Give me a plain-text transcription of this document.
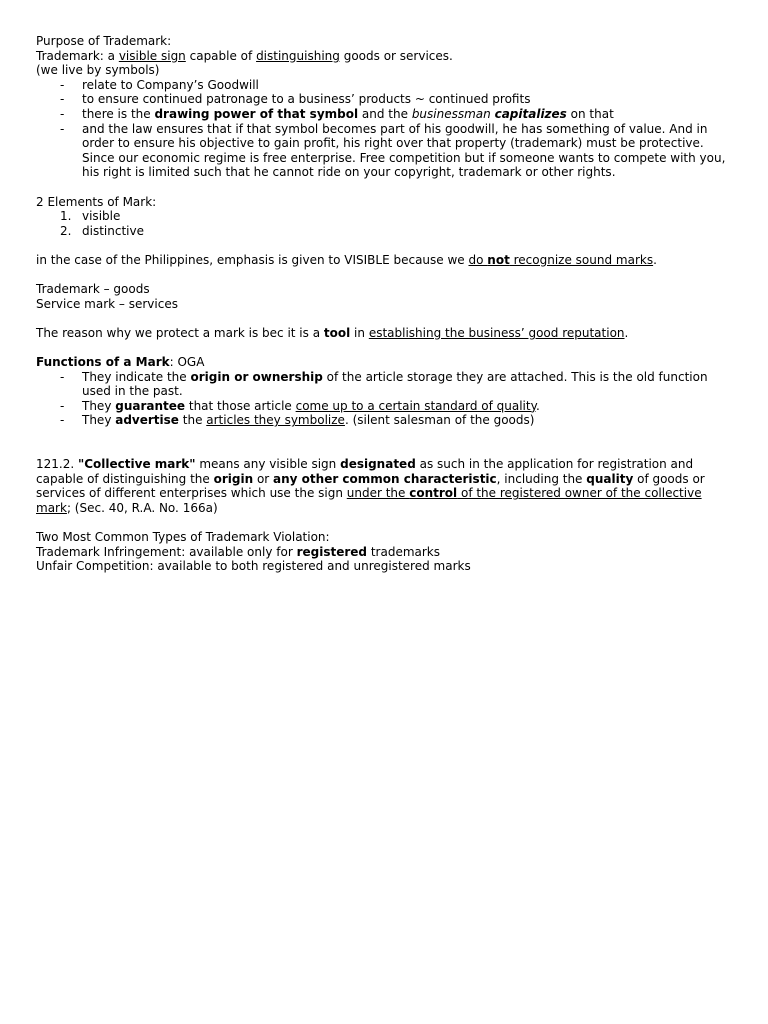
Purpose of Trademark:

Trademark: a visible sign capable of distinguishing goods or services.

(we live by symbols)

- relate to Company’s Goodwill
- to ensure continued patronage to a business’ products ~ continued profits
- there is the drawing power of that symbol and the businessman capitalizes on that
- and the law ensures that if that symbol becomes part of his goodwill, he has something of value. And in order to ensure his objective to gain profit, his right over that property (trademark) must be protective. Since our economic regime is free enterprise. Free competition but if someone wants to compete with you, his right is limited such that he cannot ride on your copyright, trademark or other rights.

2 Elements of Mark:

1. visible
2. distinctive

in the case of the Philippines, emphasis is given to VISIBLE because we do not recognize sound marks.

Trademark – goods

Service mark – services

The reason why we protect a mark is bec it is a tool in establishing the business’ good reputation.

Functions of a Mark: OGA

- They indicate the origin or ownership of the article storage they are attached. This is the old function used in the past.
- They guarantee that those article come up to a certain standard of quality.
- They advertise the articles they symbolize. (silent salesman of the goods)

121.2. "Collective mark" means any visible sign designated as such in the application for registration and capable of distinguishing the origin or any other common characteristic, including the quality of goods or services of different enterprises which use the sign under the control of the registered owner of the collective mark; (Sec. 40, R.A. No. 166a)

Two Most Common Types of Trademark Violation:

Trademark Infringement: available only for registered trademarks

Unfair Competition: available to both registered and unregistered marks
